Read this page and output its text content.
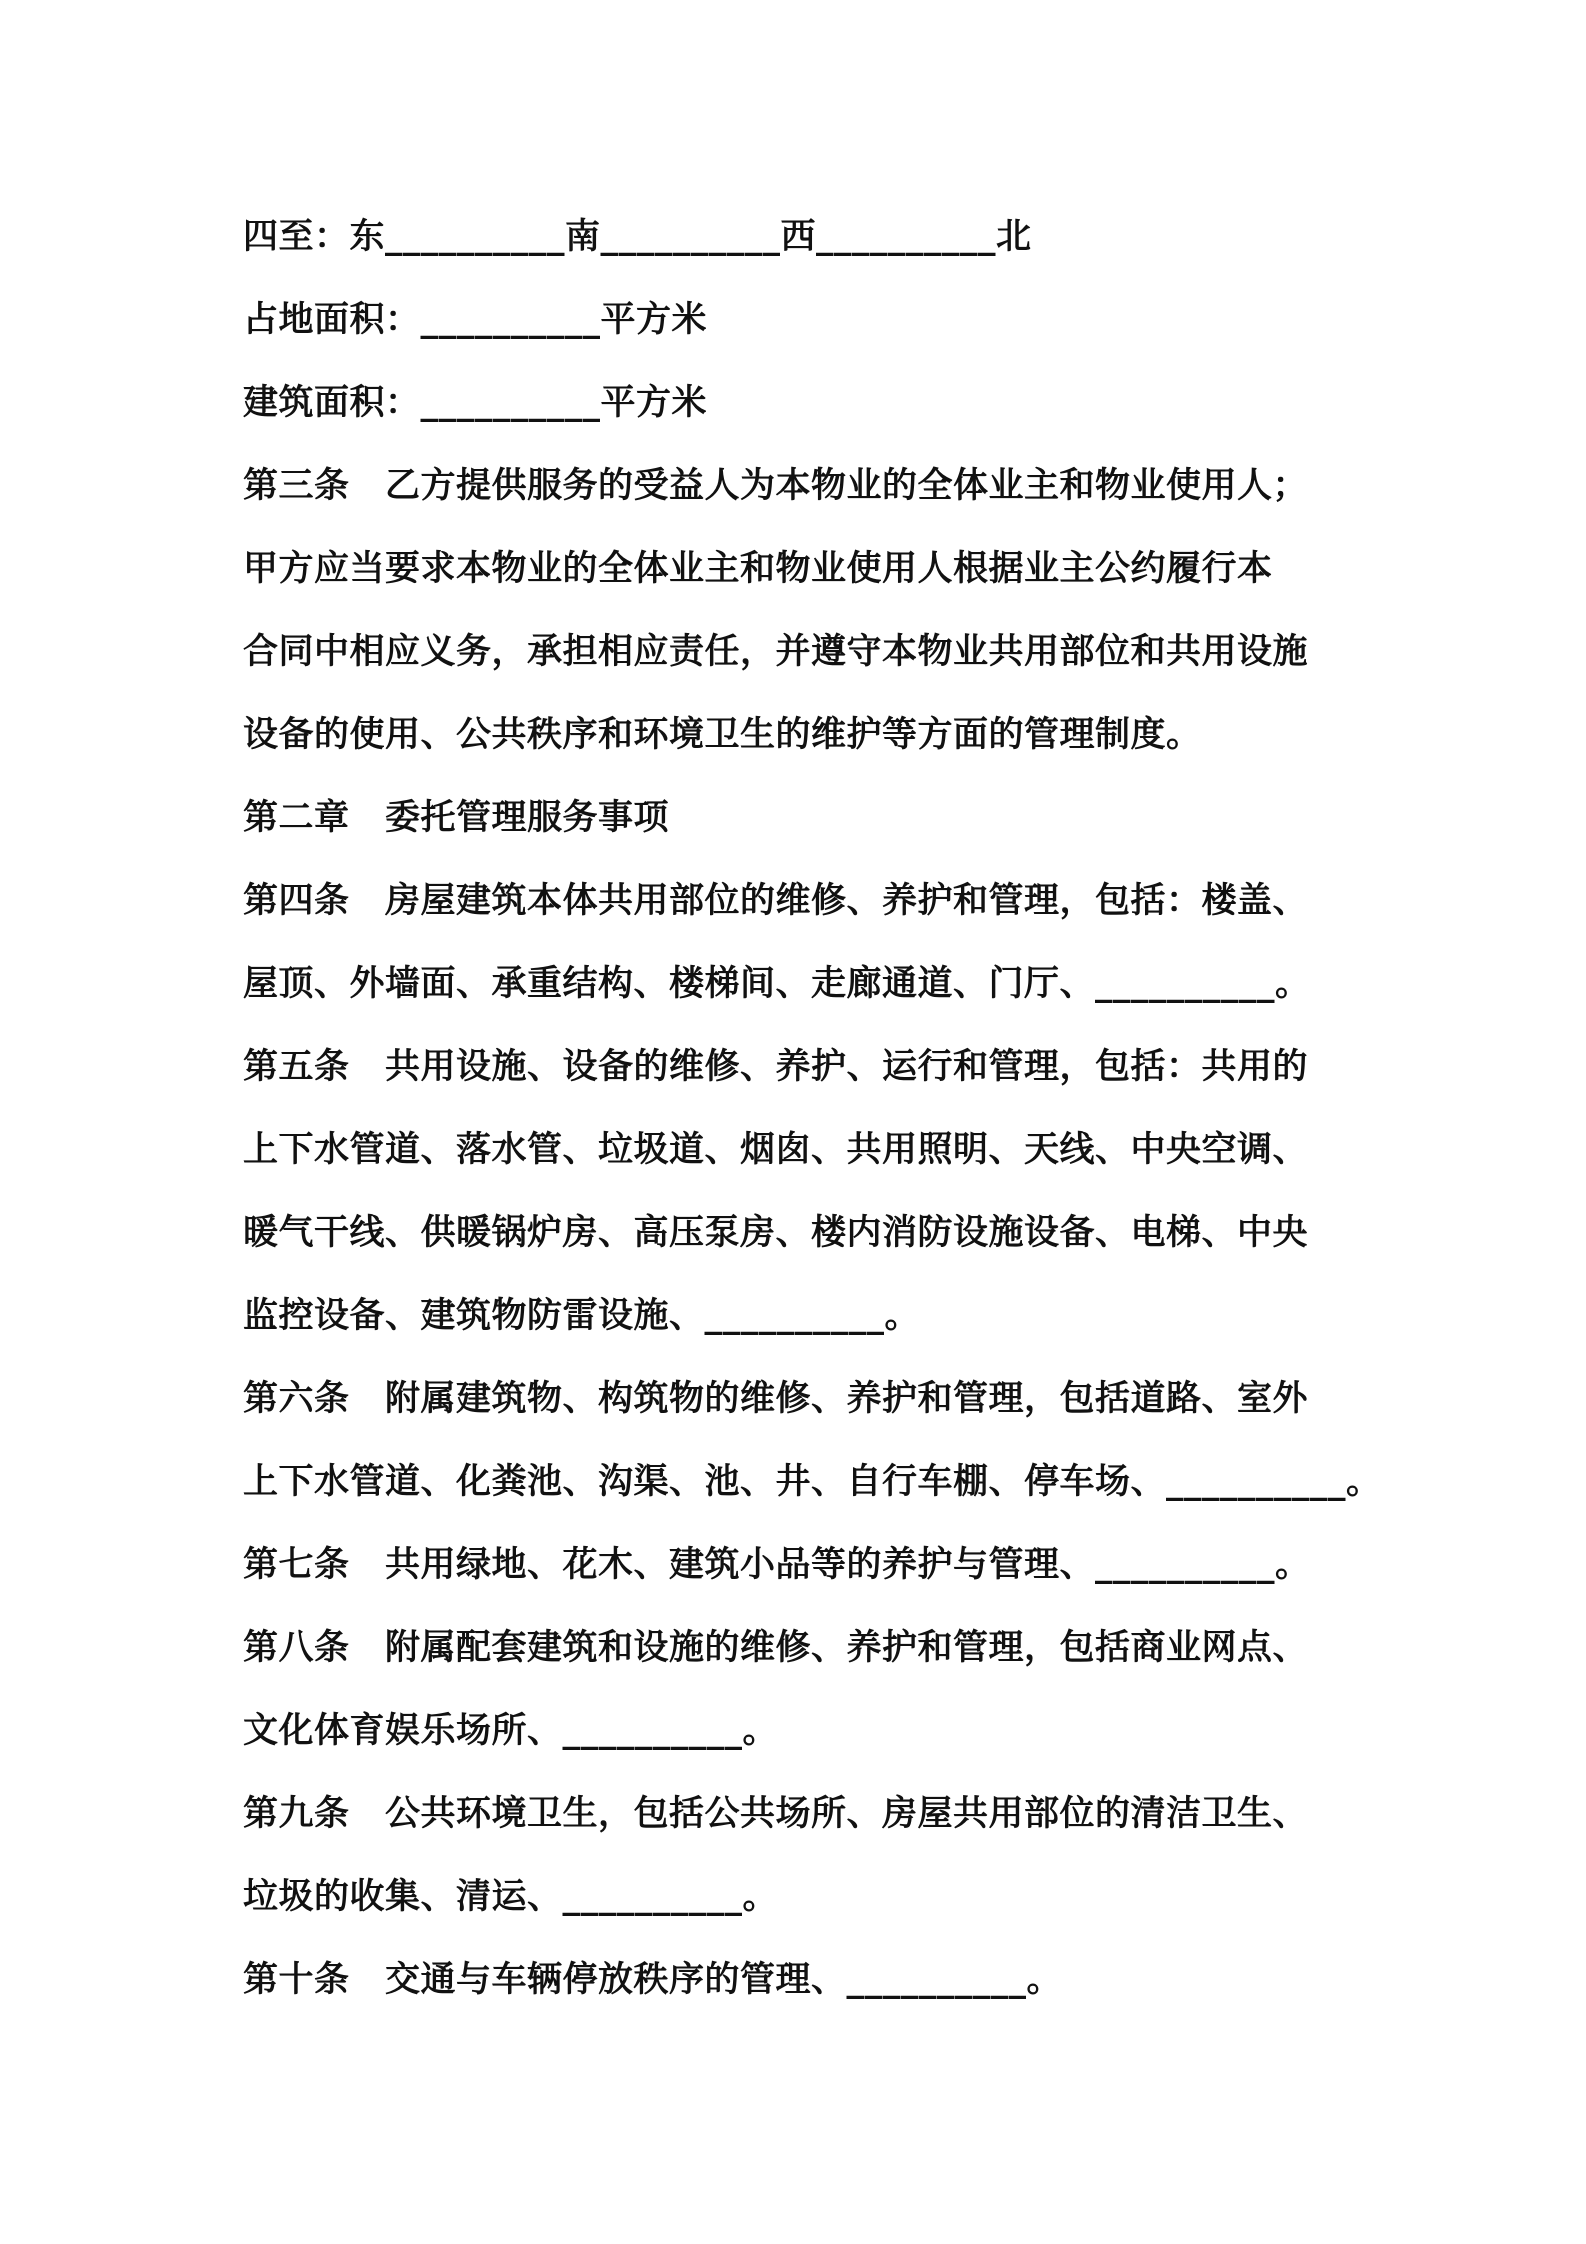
四至：东__________南__________西__________北
占地面积：__________平方米
建筑面积：__________平方米
第三条　乙方提供服务的受益人为本物业的全体业主和物业使用人；
甲方应当要求本物业的全体业主和物业使用人根据业主公约履行本
合同中相应义务，承担相应责任，并遵守本物业共用部位和共用设施
设备的使用、公共秩序和环境卫生的维护等方面的管理制度。
第二章　委托管理服务事项
第四条　房屋建筑本体共用部位的维修、养护和管理，包括：楼盖、
屋顶、外墙面、承重结构、楼梯间、走廊通道、门厅、__________。
第五条　共用设施、设备的维修、养护、运行和管理，包括：共用的
上下水管道、落水管、垃圾道、烟囱、共用照明、天线、中央空调、
暖气干线、供暖锅炉房、高压泵房、楼内消防设施设备、电梯、中央
监控设备、建筑物防雷设施、__________。
第六条　附属建筑物、构筑物的维修、养护和管理，包括道路、室外
上下水管道、化粪池、沟渠、池、井、自行车棚、停车场、__________。
第七条　共用绿地、花木、建筑小品等的养护与管理、__________。
第八条　附属配套建筑和设施的维修、养护和管理，包括商业网点、
文化体育娱乐场所、__________。
第九条　公共环境卫生，包括公共场所、房屋共用部位的清洁卫生、
垃圾的收集、清运、__________。
第十条　交通与车辆停放秩序的管理、__________。
